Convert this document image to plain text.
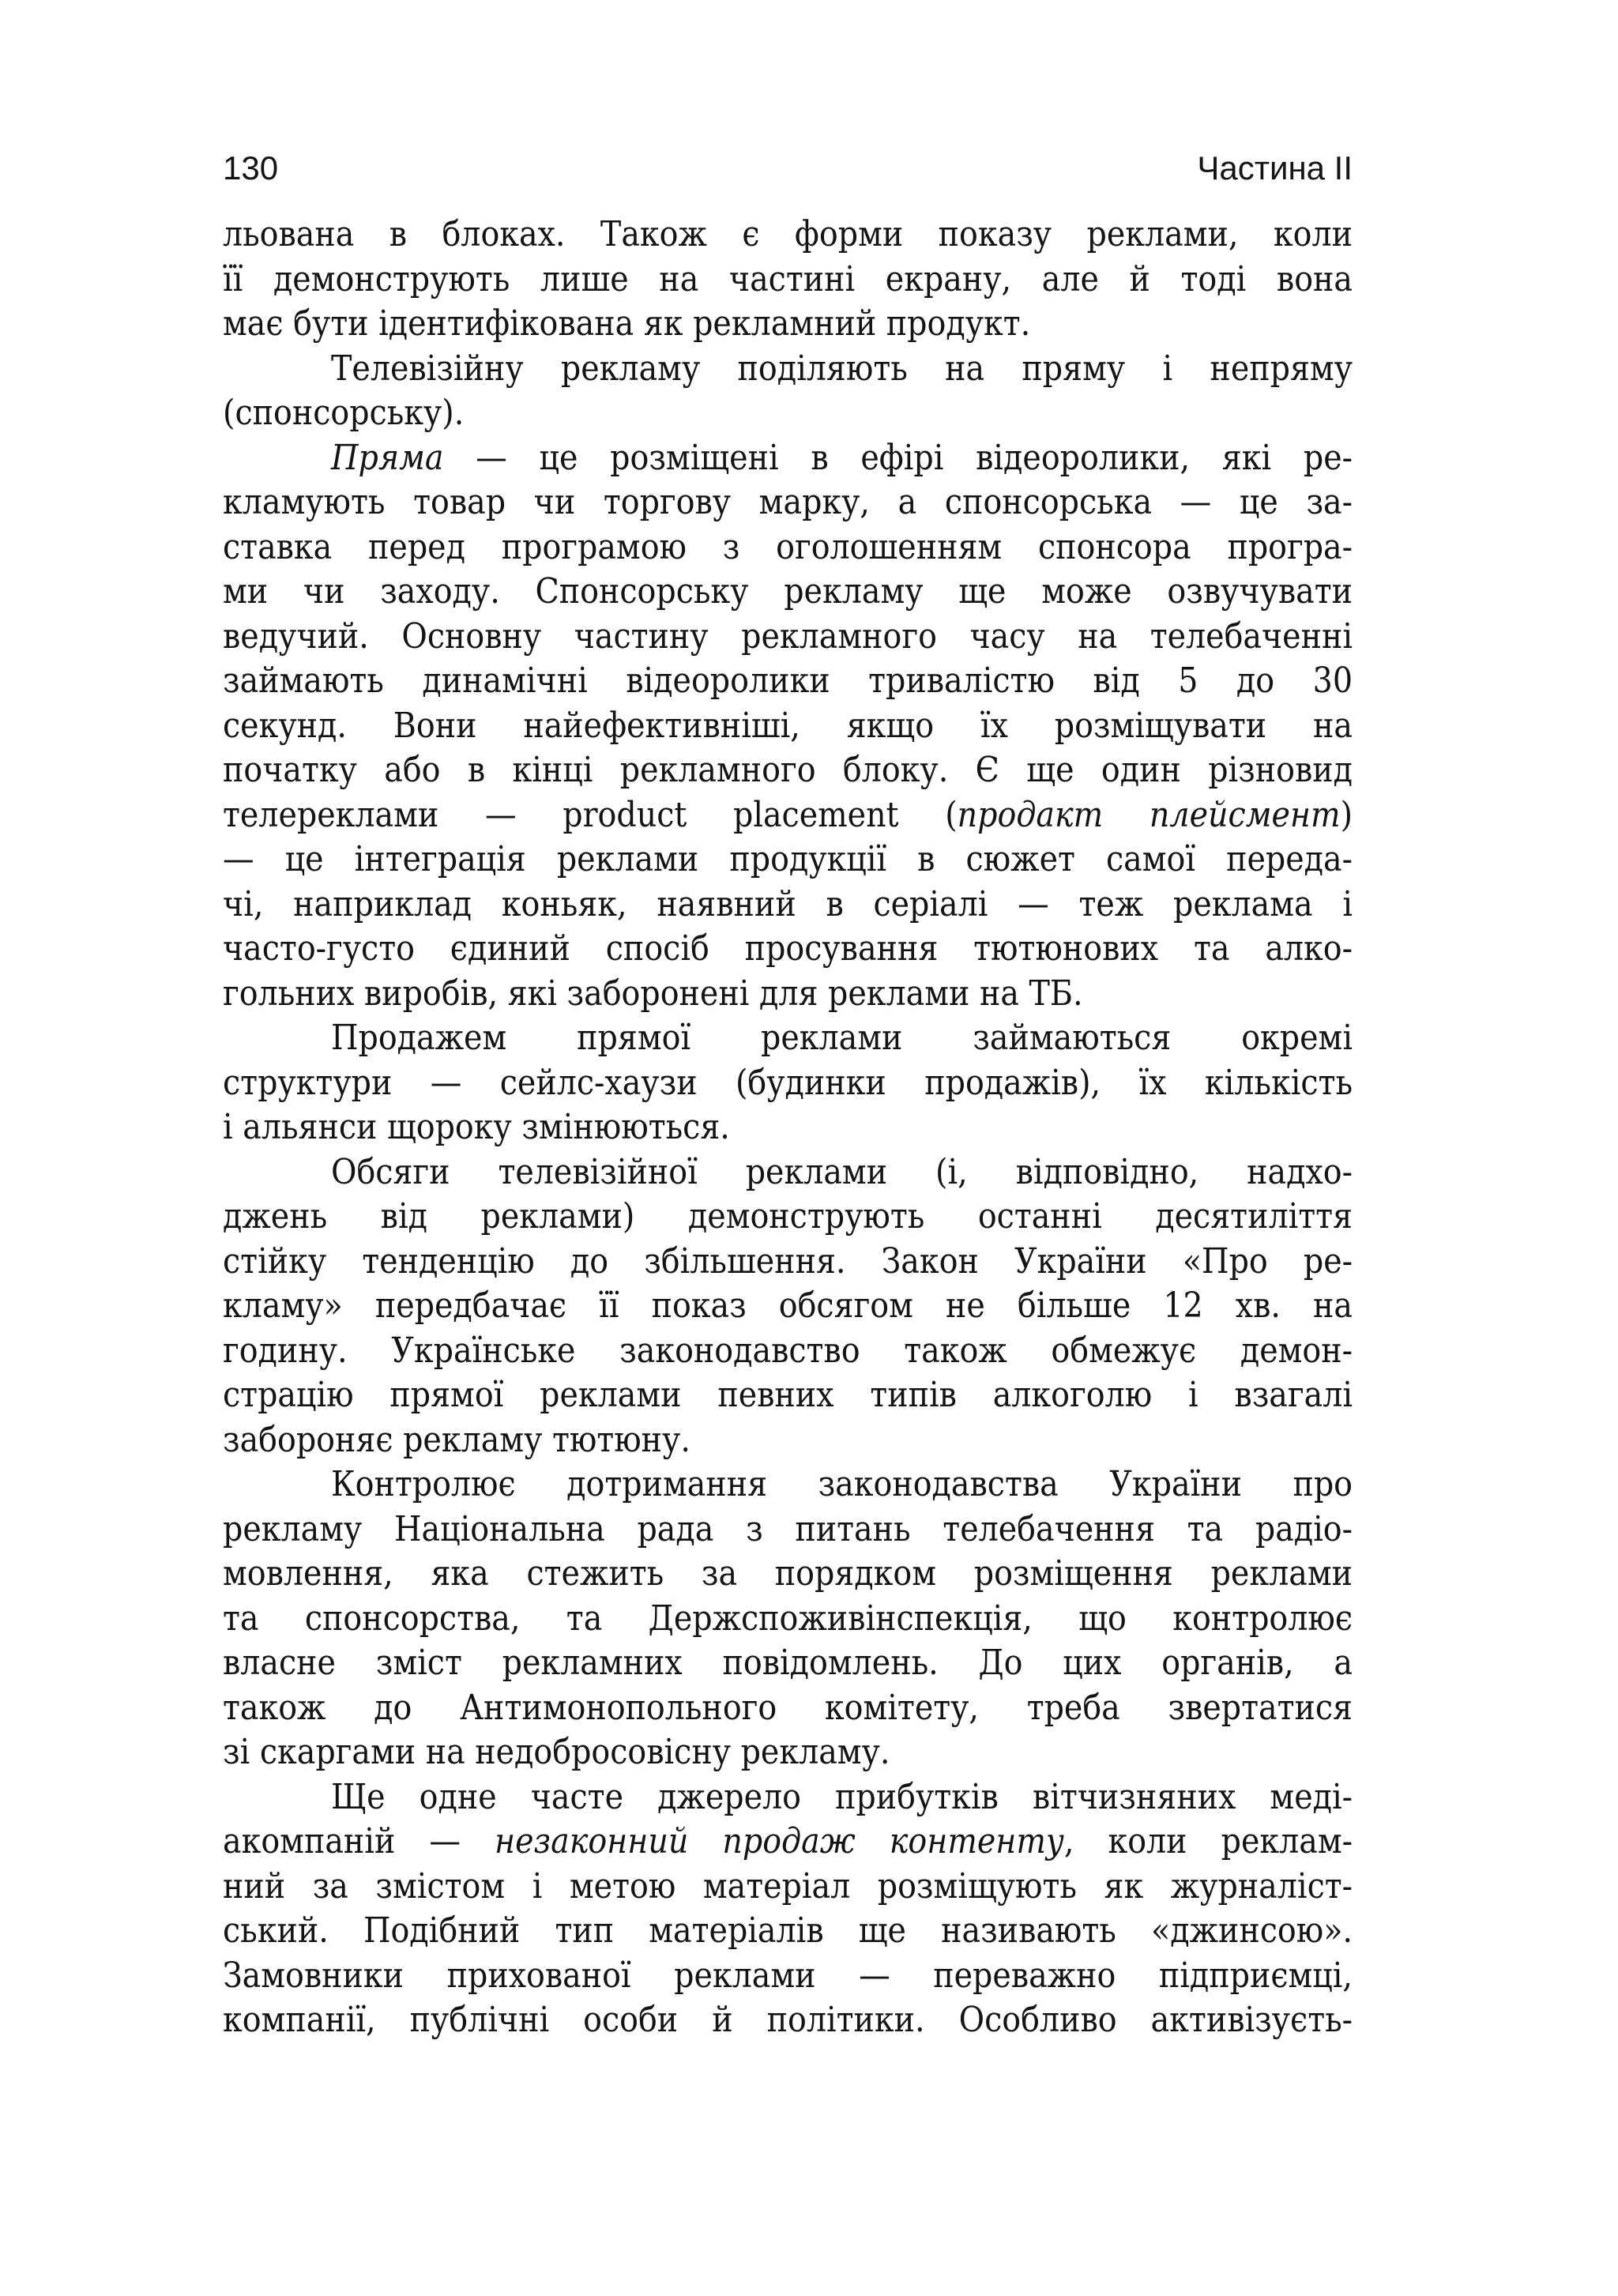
130	Частина ІІ
льована в блоках. Також є форми показу реклами, коли
її демонструють лише на частині екрану, але й тоді вона
має бути ідентифікована як рекламний продукт.
Телевізійну рекламу поділяють на пряму і непряму
(спонсорську).
Пряма — це розміщені в ефірі відеоролики, які ре-
кламують товар чи торгову марку, а спонсорська — це за-
ставка перед програмою з оголошенням спонсора програ-
ми чи заходу. Спонсорську рекламу ще може озвучувати
ведучий. Основну частину рекламного часу на телебаченні
займають динамічні відеоролики тривалістю від 5 до 30
секунд. Вони найефективніші, якщо їх розміщувати на
початку або в кінці рекламного блоку. Є ще один різновид
телереклами — product placement (продакт плейсмент)
— це інтеграція реклами продукції в сюжет самої переда-
чі, наприклад коньяк, наявний в серіалі — теж реклама і
часто-густо єдиний спосіб просування тютюнових та алко-
гольних виробів, які заборонені для реклами на ТБ.
Продажем прямої реклами займаються окремі
структури — сейлс-хаузи (будинки продажів), їх кількість
і альянси щороку змінюються.
Обсяги телевізійної реклами (і, відповідно, надхо-
джень від реклами) демонструють останні десятиліття
стійку тенденцію до збільшення. Закон України «Про ре-
кламу» передбачає її показ обсягом не більше 12 хв. на
годину. Українське законодавство також обмежує демон-
страцію прямої реклами певних типів алкоголю і взагалі
забороняє рекламу тютюну.
Контролює дотримання законодавства України про
рекламу Національна рада з питань телебачення та радіо-
мовлення, яка стежить за порядком розміщення реклами
та спонсорства, та Держспоживінспекція, що контролює
власне зміст рекламних повідомлень. До цих органів, а
також до Антимонопольного комітету, треба звертатися
зі скаргами на недобросовісну рекламу.
Ще одне часте джерело прибутків вітчизняних меді-
акомпаній — незаконний продаж контенту, коли реклам-
ний за змістом і метою матеріал розміщують як журналіст-
ський. Подібний тип матеріалів ще називають «джинсою».
Замовники прихованої реклами — переважно підприємці,
компанії, публічні особи й політики. Особливо активізуєть-
